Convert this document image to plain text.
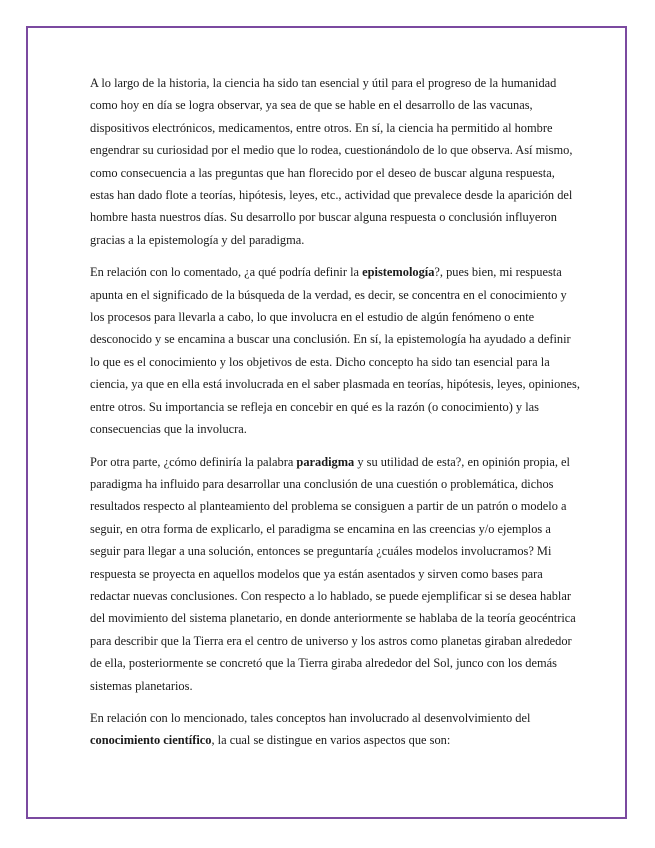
A lo largo de la historia, la ciencia ha sido tan esencial y útil para el progreso de la humanidad como hoy en día se logra observar, ya sea de que se hable en el desarrollo de las vacunas, dispositivos electrónicos, medicamentos, entre otros. En sí, la ciencia ha permitido al hombre engendrar su curiosidad por el medio que lo rodea, cuestionándolo de lo que observa. Así mismo, como consecuencia a las preguntas que han florecido por el deseo de buscar alguna respuesta, estas han dado flote a teorías, hipótesis, leyes, etc., actividad que prevalece desde la aparición del hombre hasta nuestros días. Su desarrollo por buscar alguna respuesta o conclusión influyeron gracias a la epistemología y del paradigma.

En relación con lo comentado, ¿a qué podría definir la epistemología?, pues bien, mi respuesta apunta en el significado de la búsqueda de la verdad, es decir, se concentra en el conocimiento y los procesos para llevarla a cabo, lo que involucra en el estudio de algún fenómeno o ente desconocido y se encamina a buscar una conclusión. En sí, la epistemología ha ayudado a definir lo que es el conocimiento y los objetivos de esta. Dicho concepto ha sido tan esencial para la ciencia, ya que en ella está involucrada en el saber plasmada en teorías, hipótesis, leyes, opiniones, entre otros. Su importancia se refleja en concebir en qué es la razón (o conocimiento) y las consecuencias que la involucra.

Por otra parte, ¿cómo definiría la palabra paradigma y su utilidad de esta?, en opinión propia, el paradigma ha influido para desarrollar una conclusión de una cuestión o problemática, dichos resultados respecto al planteamiento del problema se consiguen a partir de un patrón o modelo a seguir, en otra forma de explicarlo, el paradigma se encamina en las creencias y/o ejemplos a seguir para llegar a una solución, entonces se preguntaría ¿cuáles modelos involucramos? Mi respuesta se proyecta en aquellos modelos que ya están asentados y sirven como bases para redactar nuevas conclusiones. Con respecto a lo hablado, se puede ejemplificar si se desea hablar del movimiento del sistema planetario, en donde anteriormente se hablaba de la teoría geocéntrica para describir que la Tierra era el centro de universo y los astros como planetas giraban alrededor de ella, posteriormente se concretó que la Tierra giraba alrededor del Sol, junco con los demás sistemas planetarios.

En relación con lo mencionado, tales conceptos han involucrado al desenvolvimiento del conocimiento científico, la cual se distingue en varios aspectos que son:
